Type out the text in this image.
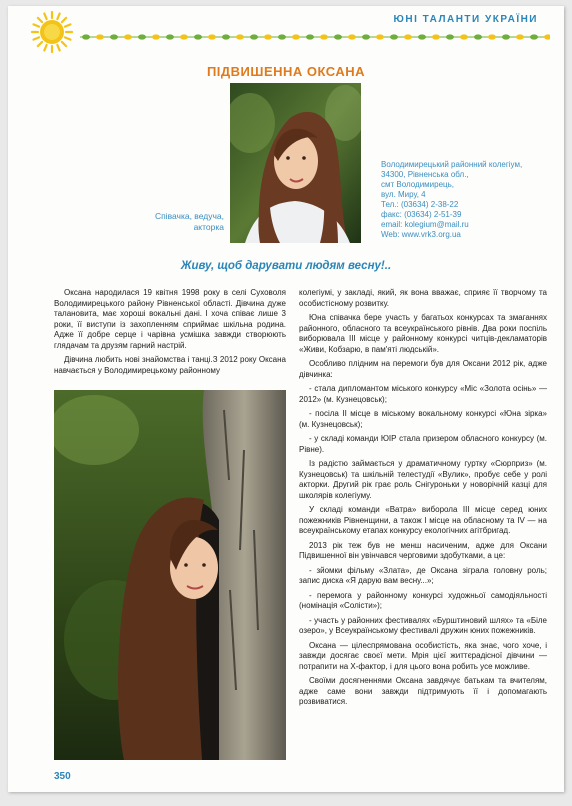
ЮНІ ТАЛАНТИ УКРАЇНИ
ПІДВИШЕННА ОКСАНА
Співачка, ведуча,
акторка
Володимирецький районний колегіум,
34300, Рівненська обл.,
смт Володимирець,
вул. Миру, 4
Тел.: (03634) 2-38-22
факс: (03634) 2-51-39
email: kolegium@mail.ru
Web: www.vrk3.org.ua
Живу, щоб дарувати людям весну!..

Оксана народилася 19 квітня 1998 року в селі Суховоля Володимирецького району Рівненської області. Дівчина дуже талановита, має хороші вокальні дані. І хоча співає лише 3 роки, її виступи із захопленням сприймає шкільна родина. Адже її добре серце і чарівна усмішка завжди створюють глядачам та друзям гарний настрій.

Дівчина любить нові знайомства і танці.З 2012 року Оксана навчається у Володимирецькому районному

колегіумі, у закладі, який, як вона вважає, сприяє її творчому та особистісному розвитку.

Юна співачка бере участь у багатьох конкурсах та змаганнях районного, обласного та всеукраїнського рівнів. Два роки поспіль виборювала ІІІ місце у районному конкурсі читців-декламаторів «Живи, Кобзарю, в пам'яті людській».

Особливо плідним на перемоги був для Оксани 2012 рік, адже дівчинка:

- стала дипломантом міського конкурсу «Міс «Золота осінь» — 2012» (м. Кузнецовськ);

- посіла ІІ місце в міському вокальному конкурсі «Юна зірка» (м. Кузнецовськ);

- у складі команди ЮІР стала призером обласного конкурсу (м. Рівне).

Із радістю займається у драматичному гуртку «Сюрприз» (м. Кузнецовськ) та шкільній телестудії «Вулик», пробує себе у ролі акторки. Другий рік грає роль Снігуроньки у новорічній казці для школярів колегіуму.

У складі команди «Ватра» виборола ІІІ місце серед юних пожежників Рівненщини, а також І місце на обласному та IV — на всеукраїнському етапах конкурсу екологічних агітбригад.

2013 рік теж був не менш насиченим, адже для Оксани Підвишенної він увінчався черговими здобутками, а це:

- зйомки фільму «Злата», де Оксана зіграла головну роль; запис диска «Я дарую вам весну...»;

- перемога у районному конкурсі художньої самодіяльності (номінація «Солісти»);

- участь у районних фестивалях «Бурштиновий шлях» та «Біле озеро», у Всеукраїнському фестивалі дружин юних пожежників.

Оксана — цілеспрямована особистість, яка знає, чого хоче, і завжди досягає своєї мети. Мрія цієї життєрадісної дівчини — потрапити на Х-фактор, і для цього вона робить усе можливе.

Своїми досягненнями Оксана завдячує батькам та вчителям, адже саме вони завжди підтримують її і допомагають розвиватися.

350
